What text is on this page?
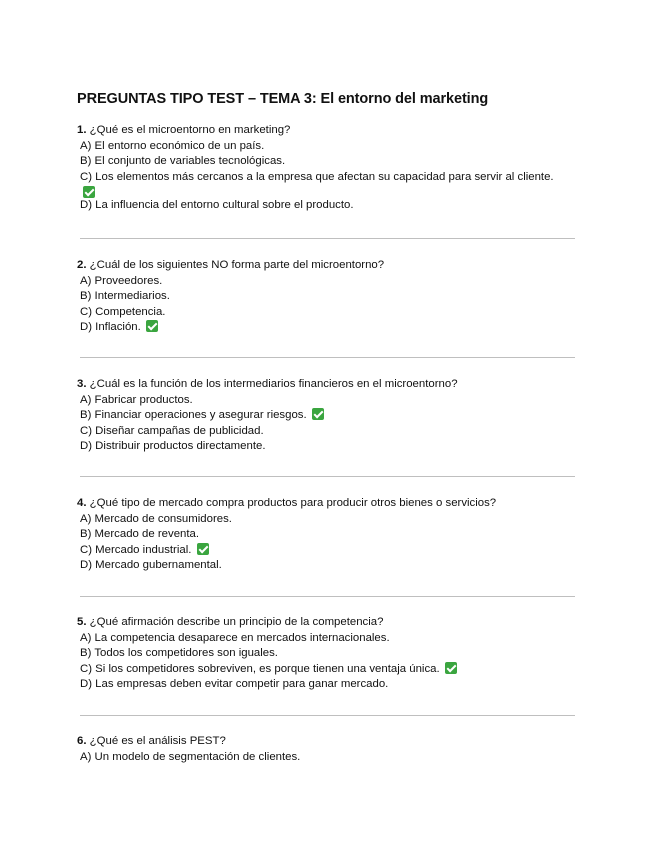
PREGUNTAS TIPO TEST – TEMA 3: El entorno del marketing
1. ¿Qué es el microentorno en marketing?
A) El entorno económico de un país.
B) El conjunto de variables tecnológicas.
C) Los elementos más cercanos a la empresa que afectan su capacidad para servir al cliente.
D) La influencia del entorno cultural sobre el producto.
2. ¿Cuál de los siguientes NO forma parte del microentorno?
A) Proveedores.
B) Intermediarios.
C) Competencia.
D) Inflación.
3. ¿Cuál es la función de los intermediarios financieros en el microentorno?
A) Fabricar productos.
B) Financiar operaciones y asegurar riesgos.
C) Diseñar campañas de publicidad.
D) Distribuir productos directamente.
4. ¿Qué tipo de mercado compra productos para producir otros bienes o servicios?
A) Mercado de consumidores.
B) Mercado de reventa.
C) Mercado industrial.
D) Mercado gubernamental.
5. ¿Qué afirmación describe un principio de la competencia?
A) La competencia desaparece en mercados internacionales.
B) Todos los competidores son iguales.
C) Si los competidores sobreviven, es porque tienen una ventaja única.
D) Las empresas deben evitar competir para ganar mercado.
6. ¿Qué es el análisis PEST?
A) Un modelo de segmentación de clientes.
